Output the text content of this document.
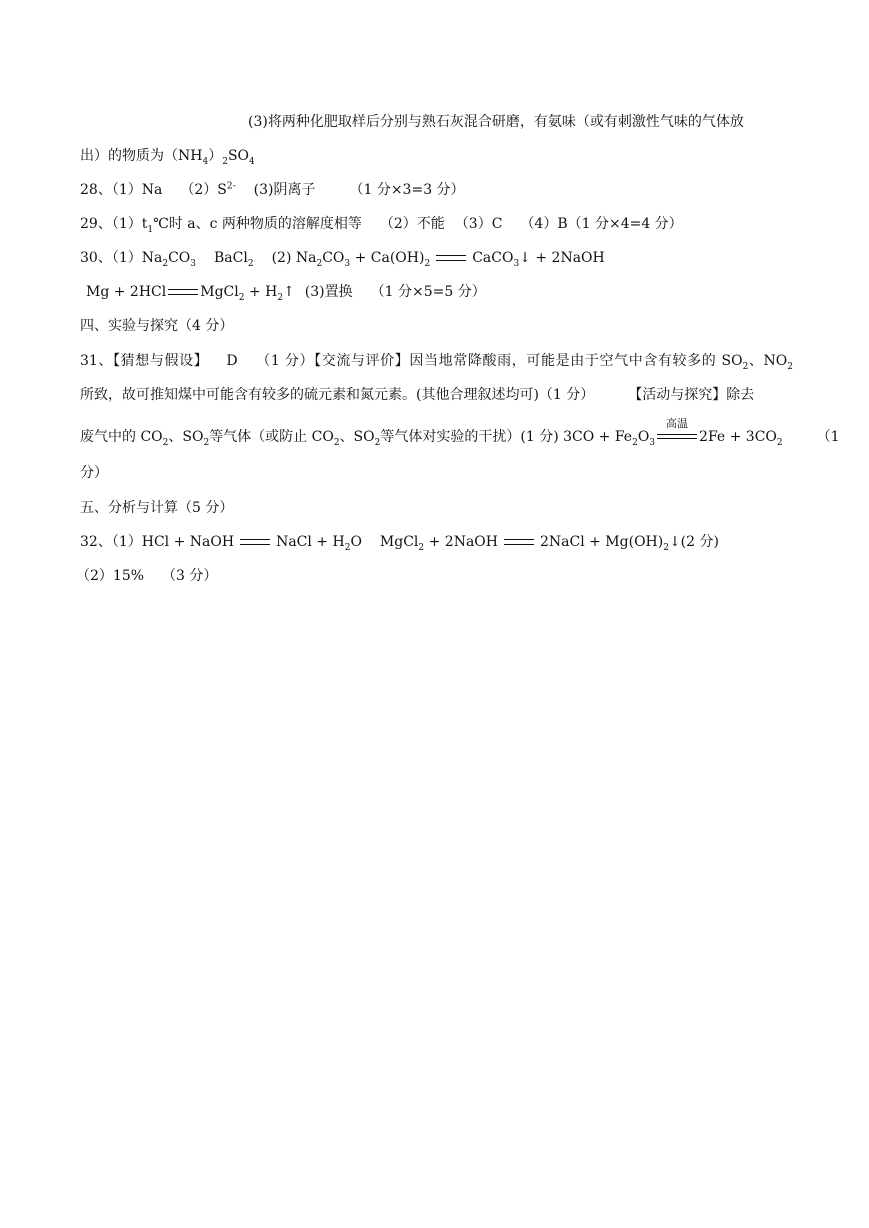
(3)将两种化肥取样后分别与熟石灰混合研磨，有氨味（或有刺激性气味的气体放
出）的物质为$(NH_4)_2SO_4$
28、（1）Na $(2)S^{2-}$ (3)阴离子 （1 分×3=3 分）
29、$(1)t_1℃$时 a、c 两种物质的溶解度相等 （2）不能 （3）C （4）B（1 分×4=4 分）
30、$(1)Na_2CO_3$ BaCl$_2$ (2) $Na_2CO_3 + Ca(OH)_2$	CaCO$_3$↓ + 2NaOH
Mg + 2HCl MgCl$_2$ + $H_2↑$ (3)置换 （1 分×5=5 分）
四、实验与探究（4 分）
31、【猜想与假设】 D （1 分）【交流与评价】因当地常降酸雨，可能是由于空气中含有较多的 $SO_2$、$NO_2$
所致，故可推知煤中可能含有较多的硫元素和氮元素。(其他合理叙述均可)（1 分） 【活动与探究】除去
废气中的 $CO_2$、$SO_2$等气体（或防止 $CO_2$、$SO_2$等气体对实验的干扰）(1 分) $3CO + Fe_2O_3$
高温
$2Fe + 3CO_2$ （1
分）
五、分析与计算（5 分）
32、（1）HCl + NaOH	NaCl + $H_2O$ MgCl$_2$ + 2NaOH	2NaCl + $Mg(OH)_2↓(2$ 分)
（2）15% （3 分）
